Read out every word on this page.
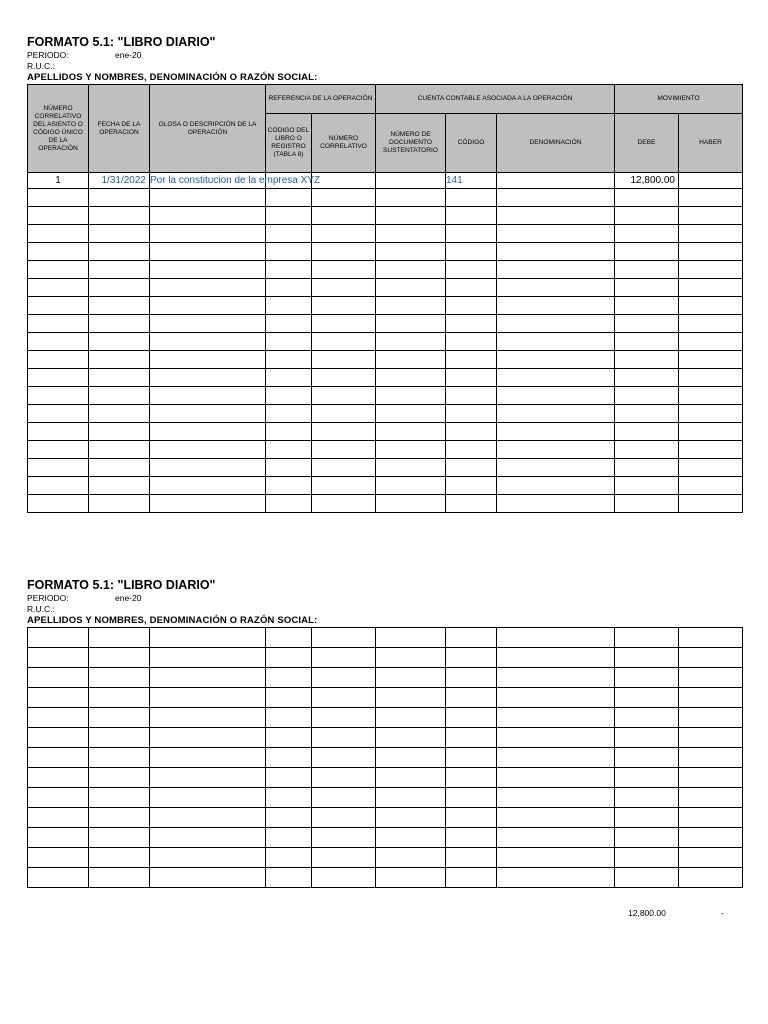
FORMATO 5.1: "LIBRO DIARIO"
PERIODO:	ene-20
R.U.C.:
APELLIDOS Y NOMBRES, DENOMINACIÓN O RAZÓN SOCIAL:
NÚMERO CORRELATIVO DEL ASIENTO O CÓDIGO ÚNICO DE LA OPERACIÓN	FECHA DE LA OPERACION	GLOSA O DESCRIPCIÓN DE LA OPERACIÓN	REFERENCIA DE LA OPERACIÓN		CUENTA CONTABLE ASOCIADA A LA OPERACIÓN			MOVIMIENTO	
			CÓDIGO DEL LIBRO O REGISTRO (TABLA 8)	NÚMERO CORRELATIVO	NÚMERO DE DOCUMENTO SUSTENTATORIO	CÓDIGO	DENOMINACIÓN	DEBE	HABER
1	1/31/2022	Por la constitucion de la empresa XYZ				141		12,800.00	

FORMATO 5.1: "LIBRO DIARIO"
PERIODO:	ene-20
R.U.C.:
APELLIDOS Y NOMBRES, DENOMINACIÓN O RAZÓN SOCIAL:

12,800.00	-
